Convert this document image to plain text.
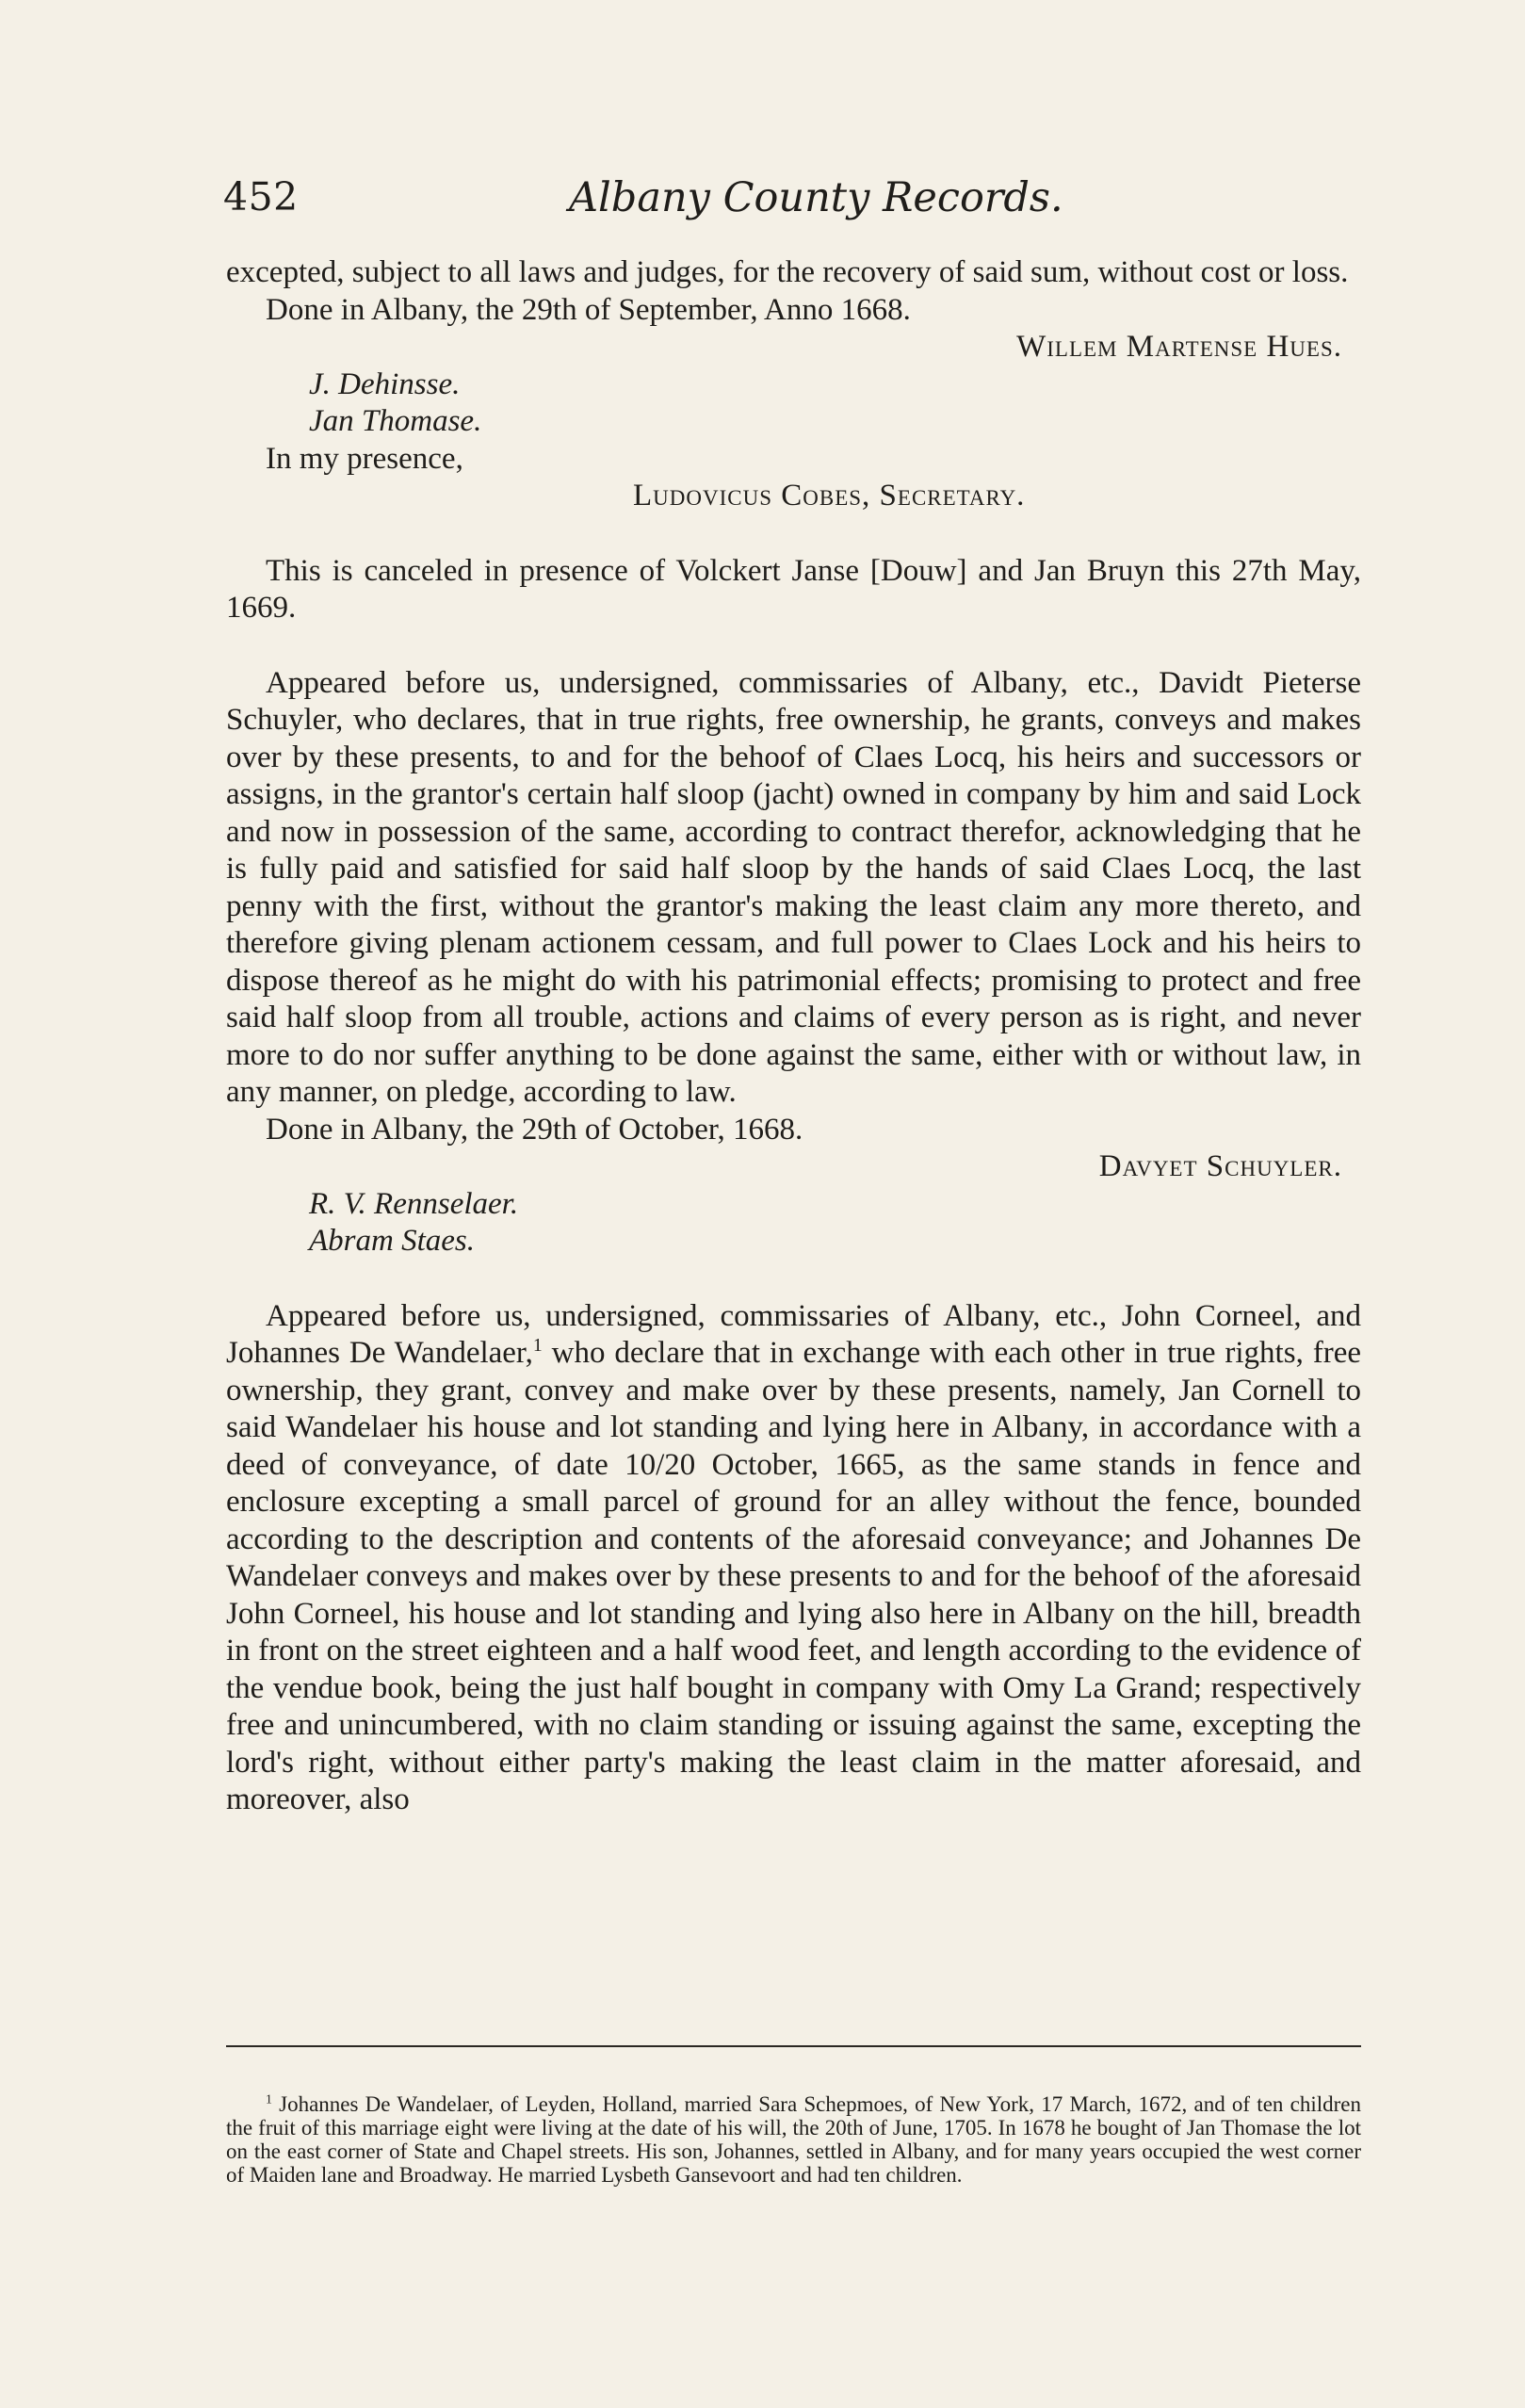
452	Albany County Records.

excepted, subject to all laws and judges, for the recovery of said sum, without cost or loss.

Done in Albany, the 29th of September, Anno 1668.

Willem Martense Hues.

J. Dehinsse.

Jan Thomase.

In my presence,

Ludovicus Cobes, Secretary.

This is canceled in presence of Volckert Janse [Douw] and Jan Bruyn this 27th May, 1669.

Appeared before us, undersigned, commissaries of Albany, etc., Davidt Pieterse Schuyler, who declares, that in true rights, free ownership, he grants, conveys and makes over by these presents, to and for the behoof of Claes Locq, his heirs and successors or assigns, in the grantor's certain half sloop (jacht) owned in company by him and said Lock and now in possession of the same, according to contract therefor, acknowledging that he is fully paid and satisfied for said half sloop by the hands of said Claes Locq, the last penny with the first, without the grantor's making the least claim any more thereto, and therefore giving plenam actionem cessam, and full power to Claes Lock and his heirs to dispose thereof as he might do with his patrimonial effects; promising to protect and free said half sloop from all trouble, actions and claims of every person as is right, and never more to do nor suffer anything to be done against the same, either with or without law, in any manner, on pledge, according to law.

Done in Albany, the 29th of October, 1668.

Davyet Schuyler.

R. V. Rennselaer.

Abram Staes.

Appeared before us, undersigned, commissaries of Albany, etc., John Corneel, and Johannes De Wandelaer,$^1$ who declare that in exchange with each other in true rights, free ownership, they grant, convey and make over by these presents, namely, Jan Cornell to said Wandelaer his house and lot standing and lying here in Albany, in accordance with a deed of conveyance, of date 10/20 October, 1665, as the same stands in fence and enclosure excepting a small parcel of ground for an alley without the fence, bounded according to the description and contents of the aforesaid conveyance; and Johannes De Wandelaer conveys and makes over by these presents to and for the behoof of the aforesaid John Corneel, his house and lot standing and lying also here in Albany on the hill, breadth in front on the street eighteen and a half wood feet, and length according to the evidence of the vendue book, being the just half bought in company with Omy La Grand; respectively free and unincumbered, with no claim standing or issuing against the same, excepting the lord's right, without either party's making the least claim in the matter aforesaid, and moreover, also

$^1$ Johannes De Wandelaer, of Leyden, Holland, married Sara Schepmoes, of New York, 17 March, 1672, and of ten children the fruit of this marriage eight were living at the date of his will, the 20th of June, 1705. In 1678 he bought of Jan Thomase the lot on the east corner of State and Chapel streets. His son, Johannes, settled in Albany, and for many years occupied the west corner of Maiden lane and Broadway. He married Lysbeth Gansevoort and had ten children.
